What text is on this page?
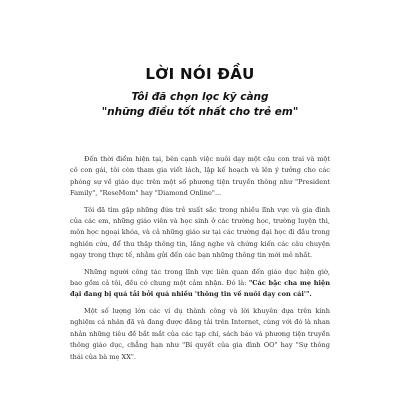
LỜI NÓI ĐẦU
Tôi đã chọn lọc kỹ càng
"những điều tốt nhất cho trẻ em"

Đến thời điểm hiện tại, bên cạnh việc nuôi dạy một cậu con trai và một cô con gái, tôi còn tham gia viết lách, lập kế hoạch và lên ý tưởng cho các phóng sự về giáo dục trên một số phương tiện truyền thông như "President Family", "ReseMom" hay "Diamond Online"...

Tôi đã tìm gặp những đứa trẻ xuất sắc trong nhiều lĩnh vực và gia đình của các em, những giáo viên và học sinh ở các trường học, trường luyện thi, môn học ngoại khóa, và cả những giáo sư tại các trường đại học đi đầu trong nghiên cứu, để thu thập thông tin, lắng nghe và chứng kiến các câu chuyện ngay trong thực tế, nhằm gửi đến các bạn những thông tin mới mẻ nhất.

Những người công tác trong lĩnh vực liên quan đến giáo dục hiện giờ, bao gồm cả tôi, đều có chung một cảm nhận. Đó là: "Các bậc cha mẹ hiện đại đang bị quá tải bởi quá nhiều 'thông tin về nuôi dạy con cái'".

Một số lượng lớn các ví dụ thành công và lời khuyên dựa trên kinh nghiệm cá nhân đã và đang được đăng tải trên Internet, cùng với đó là nhan nhản những tiêu đề bắt mắt của các tạp chí, sách báo và phương tiện truyền thông giáo dục, chẳng hạn như "Bí quyết của gia đình OO" hay "Sự thông thái của bà mẹ XX".
